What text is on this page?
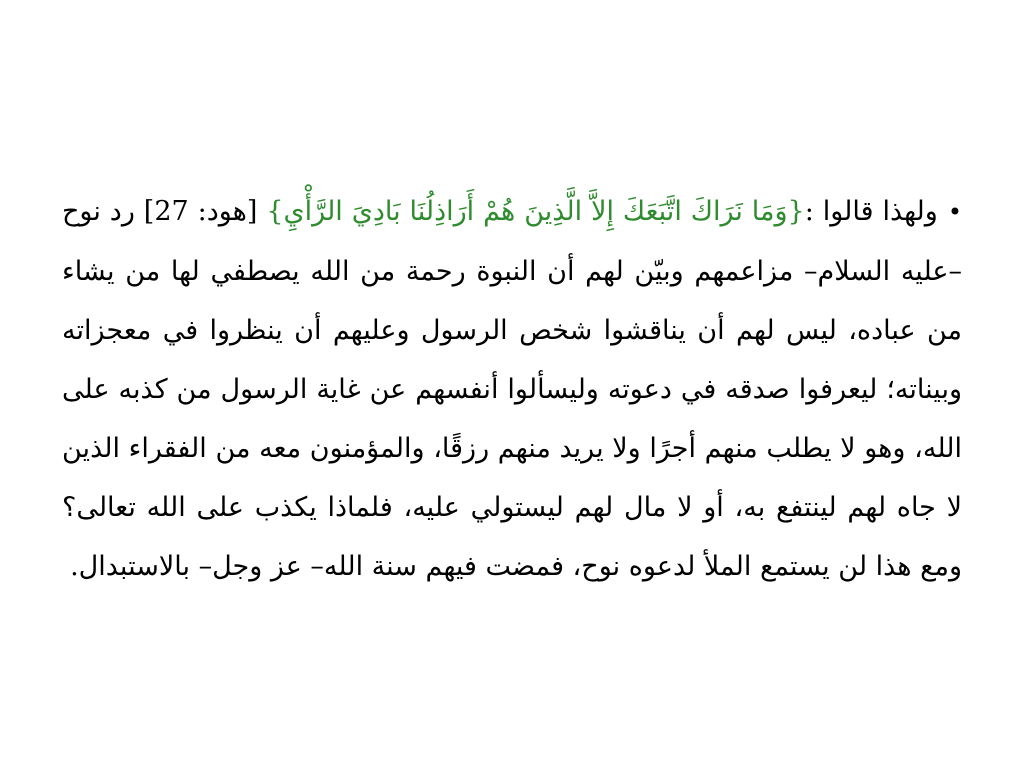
•ولهذا قالوا :{وَمَا نَرَاكَ اتَّبَعَكَ إِلاَّ الَّذِينَ هُمْ أَرَاذِلُنَا بَادِيَ الرَّأْيِ} [هود: 27] رد نوح –عليه السلام– مزاعمهم وبيّن لهم أن النبوة رحمة من الله يصطفي لها من يشاء من عباده، ليس لهم أن يناقشوا شخص الرسول وعليهم أن ينظروا في معجزاته وبيناته؛ ليعرفوا صدقه في دعوته وليسألوا أنفسهم عن غاية الرسول من كذبه على الله، وهو لا يطلب منهم أجرًا ولا يريد منهم رزقًا، والمؤمنون معه من الفقراء الذين لا جاه لهم لينتفع به، أو لا مال لهم ليستولي عليه، فلماذا يكذب على الله تعالى؟ ومع هذا لن يستمع الملأ لدعوه نوح، فمضت فيهم سنة الله– عز وجل– بالاستبدال.
